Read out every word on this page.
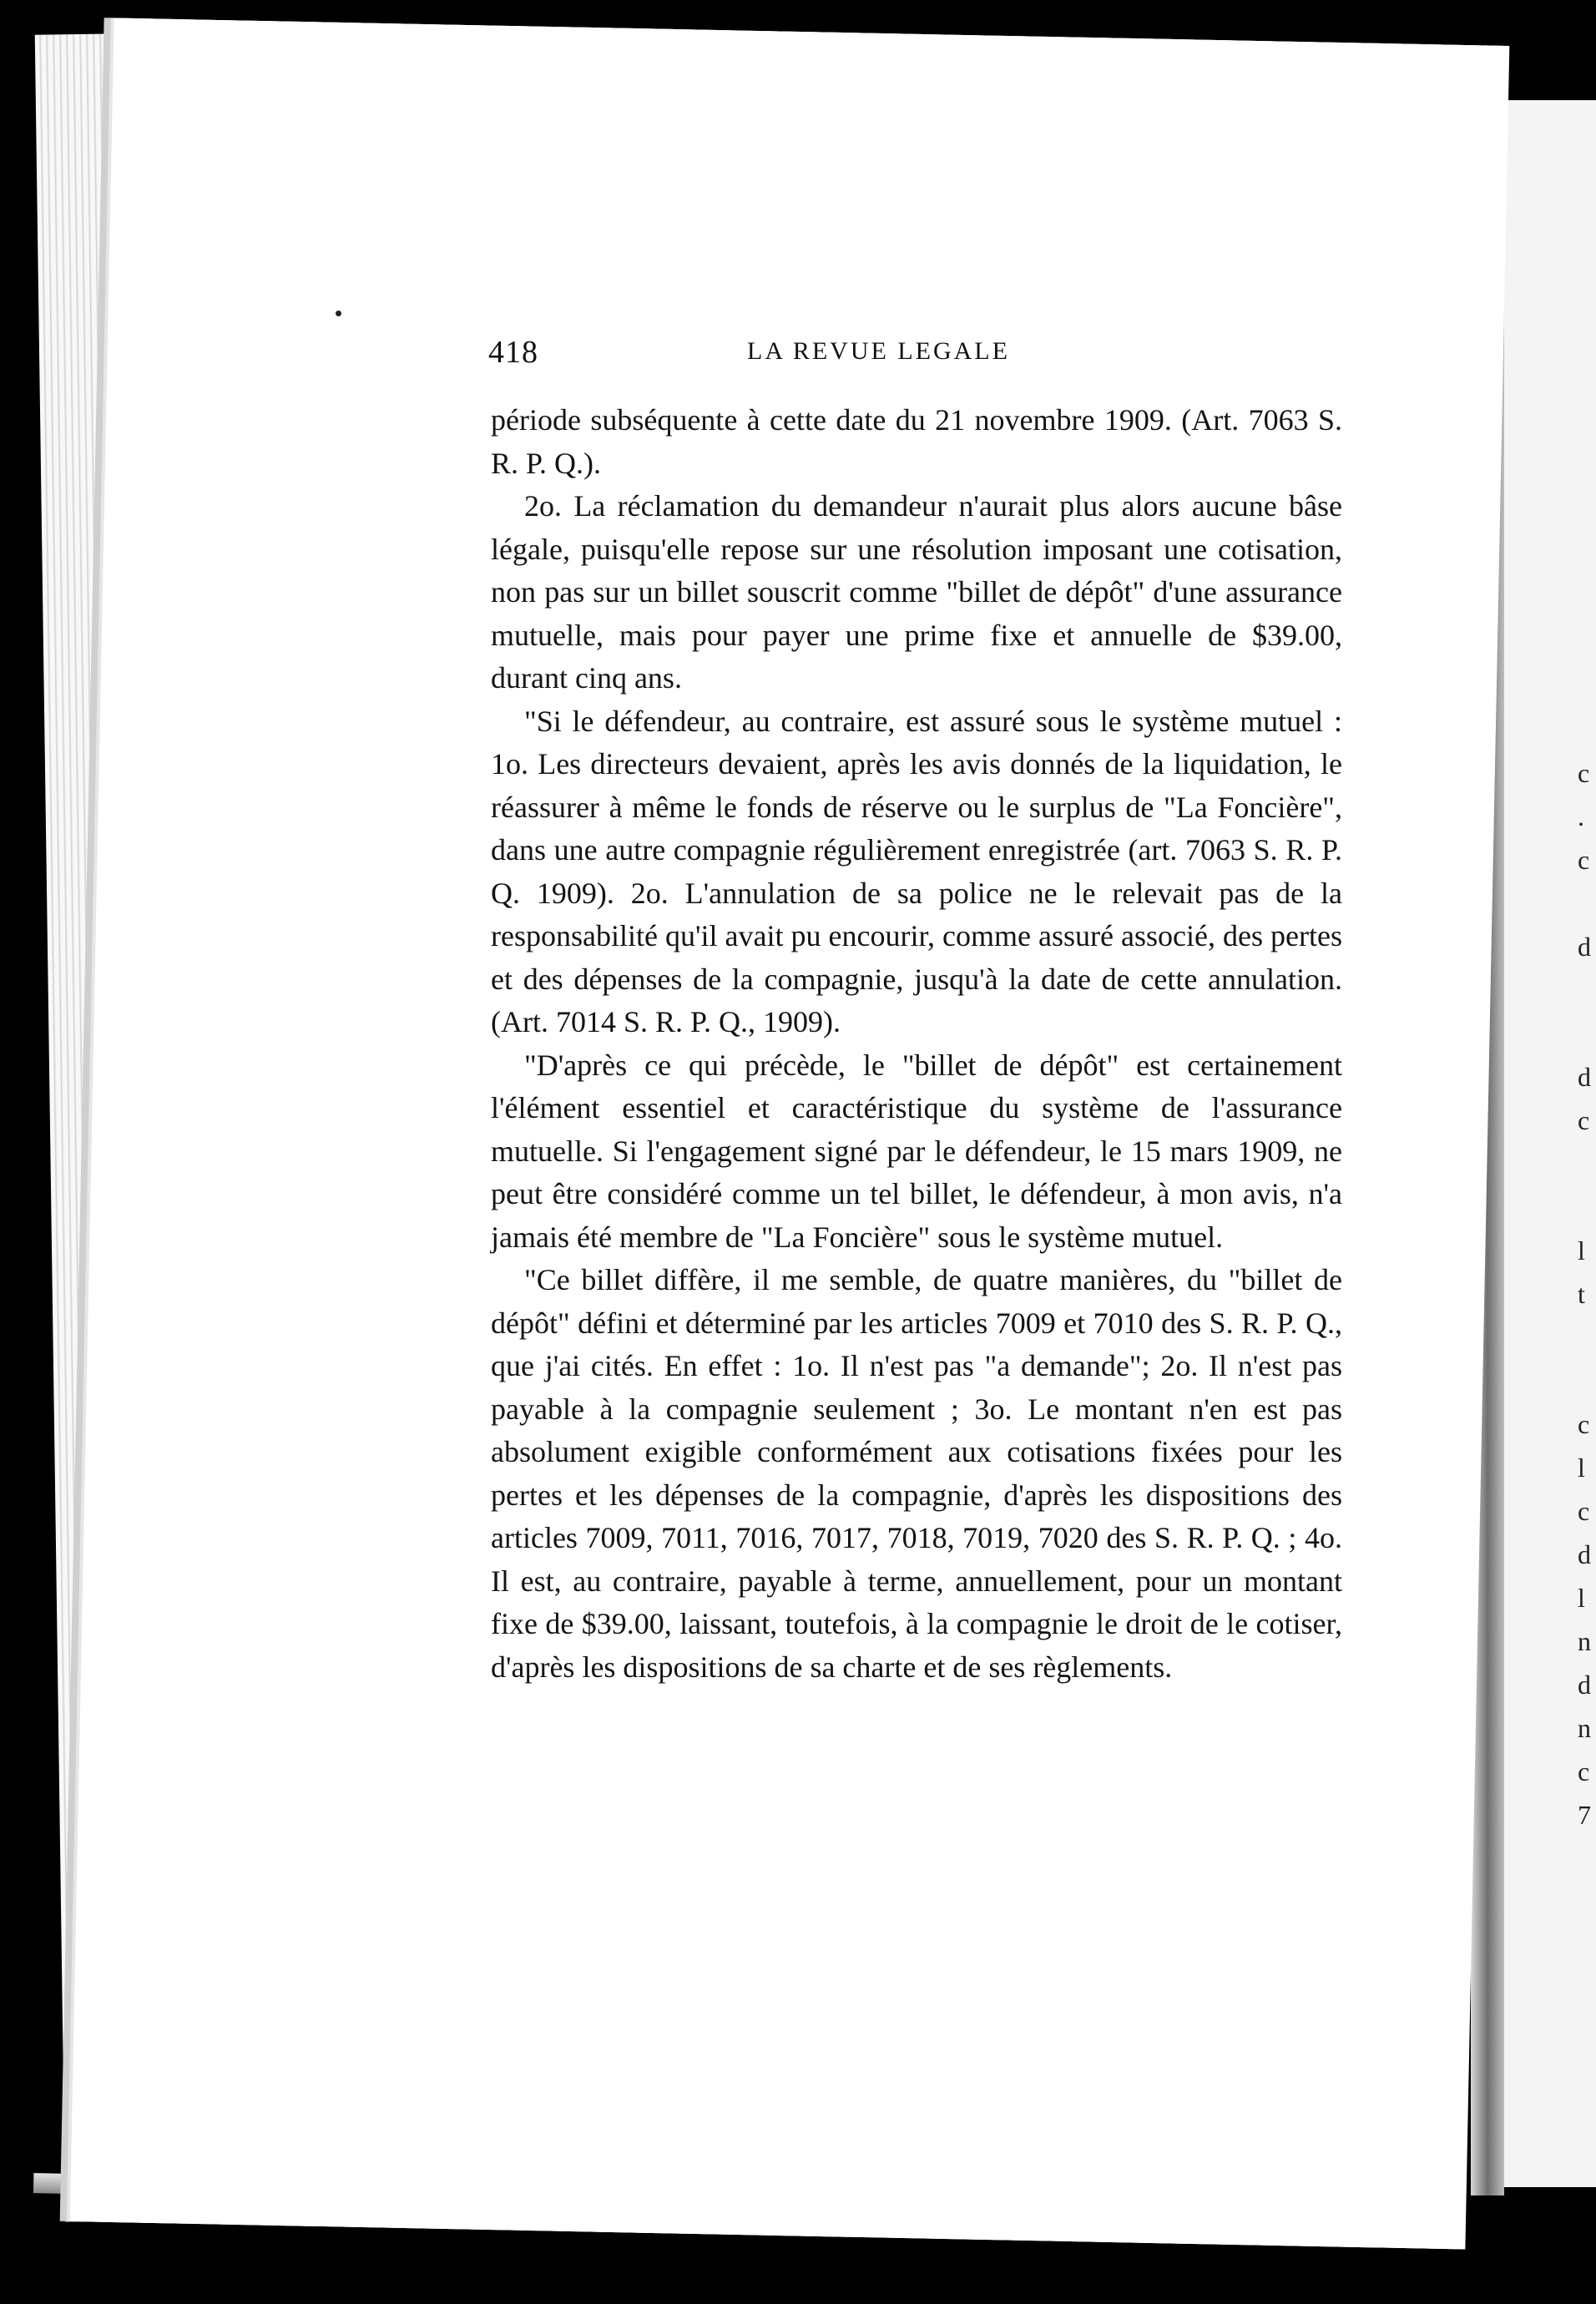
c
.
c

d

d
c

l
t

c
l
c
d
l
n
d
n
c
7
418	LA REVUE LEGALE

période subséquente à cette date du 21 novembre 1909. (Art. 7063 S. R. P. Q.).

2o. La réclamation du demandeur n'aurait plus alors aucune bâse légale, puisqu'elle repose sur une résolution imposant une cotisation, non pas sur un billet souscrit comme "billet de dépôt" d'une assurance mutuelle, mais pour payer une prime fixe et annuelle de $39.00, durant cinq ans.

"Si le défendeur, au contraire, est assuré sous le système mutuel : 1o. Les directeurs devaient, après les avis donnés de la liquidation, le réassurer à même le fonds de réserve ou le surplus de "La Foncière", dans une autre compagnie régulièrement enregistrée (art. 7063 S. R. P. Q. 1909). 2o. L'annulation de sa police ne le relevait pas de la responsabilité qu'il avait pu encourir, comme assuré associé, des pertes et des dépenses de la compagnie, jusqu'à la date de cette annulation. (Art. 7014 S. R. P. Q., 1909).

"D'après ce qui précède, le "billet de dépôt" est certainement l'élément essentiel et caractéristique du système de l'assurance mutuelle. Si l'engagement signé par le défendeur, le 15 mars 1909, ne peut être considéré comme un tel billet, le défendeur, à mon avis, n'a jamais été membre de "La Foncière" sous le système mutuel.

"Ce billet diffère, il me semble, de quatre manières, du "billet de dépôt" défini et déterminé par les articles 7009 et 7010 des S. R. P. Q., que j'ai cités. En effet : 1o. Il n'est pas "a demande"; 2o. Il n'est pas payable à la compagnie seulement ; 3o. Le montant n'en est pas absolument exigible conformément aux cotisations fixées pour les pertes et les dépenses de la compagnie, d'après les dispositions des articles 7009, 7011, 7016, 7017, 7018, 7019, 7020 des S. R. P. Q. ; 4o. Il est, au contraire, payable à terme, annuellement, pour un montant fixe de $39.00, laissant, toutefois, à la compagnie le droit de le cotiser, d'après les dispositions de sa charte et de ses règlements.
